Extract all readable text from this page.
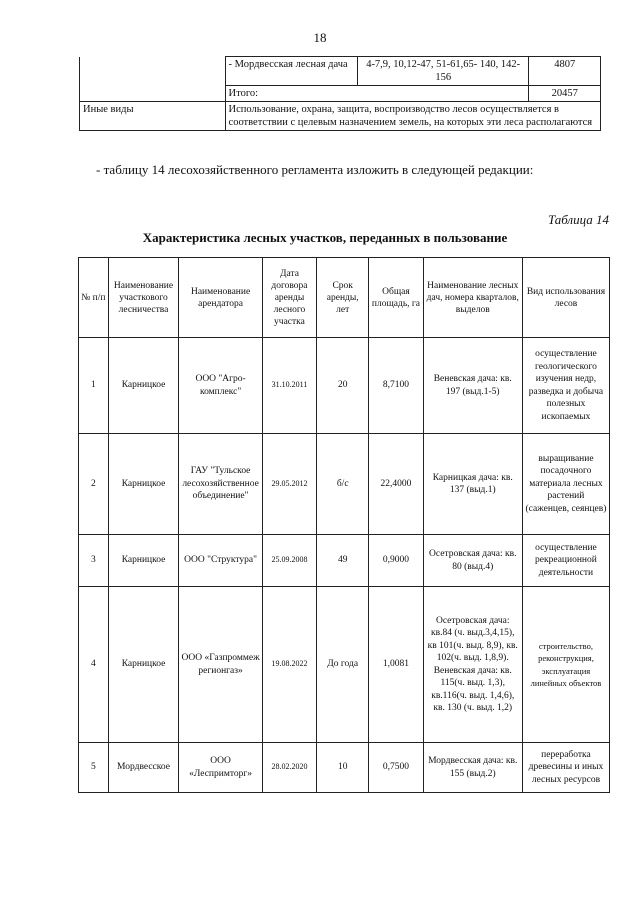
18
	- Мордвесская лесная дача	4-7,9, 10,12-47, 51-61,65- 140, 142-156	4807
	Итого:		20457
Иные виды	Использование, охрана, защита, воспроизводство лесов осуществляется в соответствии с целевым назначением земель, на которых эти леса располагаются		
- таблицу 14 лесохозяйственного регламента изложить в следующей редакции:
Таблица 14
Характеристика лесных участков, переданных в пользование
№ п/п	Наименование участкового лесничества	Наименование арендатора	Дата договора аренды лесного участка	Срок аренды, лет	Общая площадь, га	Наименование лесных дач, номера кварталов, выделов	Вид использования лесов
1	Карницкое	ООО "Агро-комплекс"	31.10.2011	20	8,7100	Веневская дача: кв. 197 (выд.1-5)	осуществление геологического изучения недр, разведка и добыча полезных ископаемых
2	Карницкое	ГАУ "Тульское лесохозяйственное объединение"	29.05.2012	б/с	22,4000	Карницкая дача: кв. 137 (выд.1)	выращивание посадочного материала лесных растений (саженцев, сеянцев)
3	Карницкое	ООО "Структура"	25.09.2008	49	0,9000	Осетровская дача: кв. 80 (выд.4)	осуществление рекреационной деятельности
4	Карницкое	ООО «Газпроммеж регионгаз»	19.08.2022	До года	1,0081	Осетровская дача: кв.84 (ч. выд.3,4,15), кв 101(ч. выд. 8,9), кв. 102(ч. выд. 1,8,9). Веневская дача: кв. 115(ч. выд. 1,3), кв.116(ч. выд. 1,4,6), кв. 130 (ч. выд. 1,2)	строительство, реконструкция, эксплуатация линейных объектов
5	Мордвесское	ООО «Леспримторг»	28.02.2020	10	0,7500	Мордвесская дача: кв. 155 (выд.2)	переработка древесины и иных лесных ресурсов
